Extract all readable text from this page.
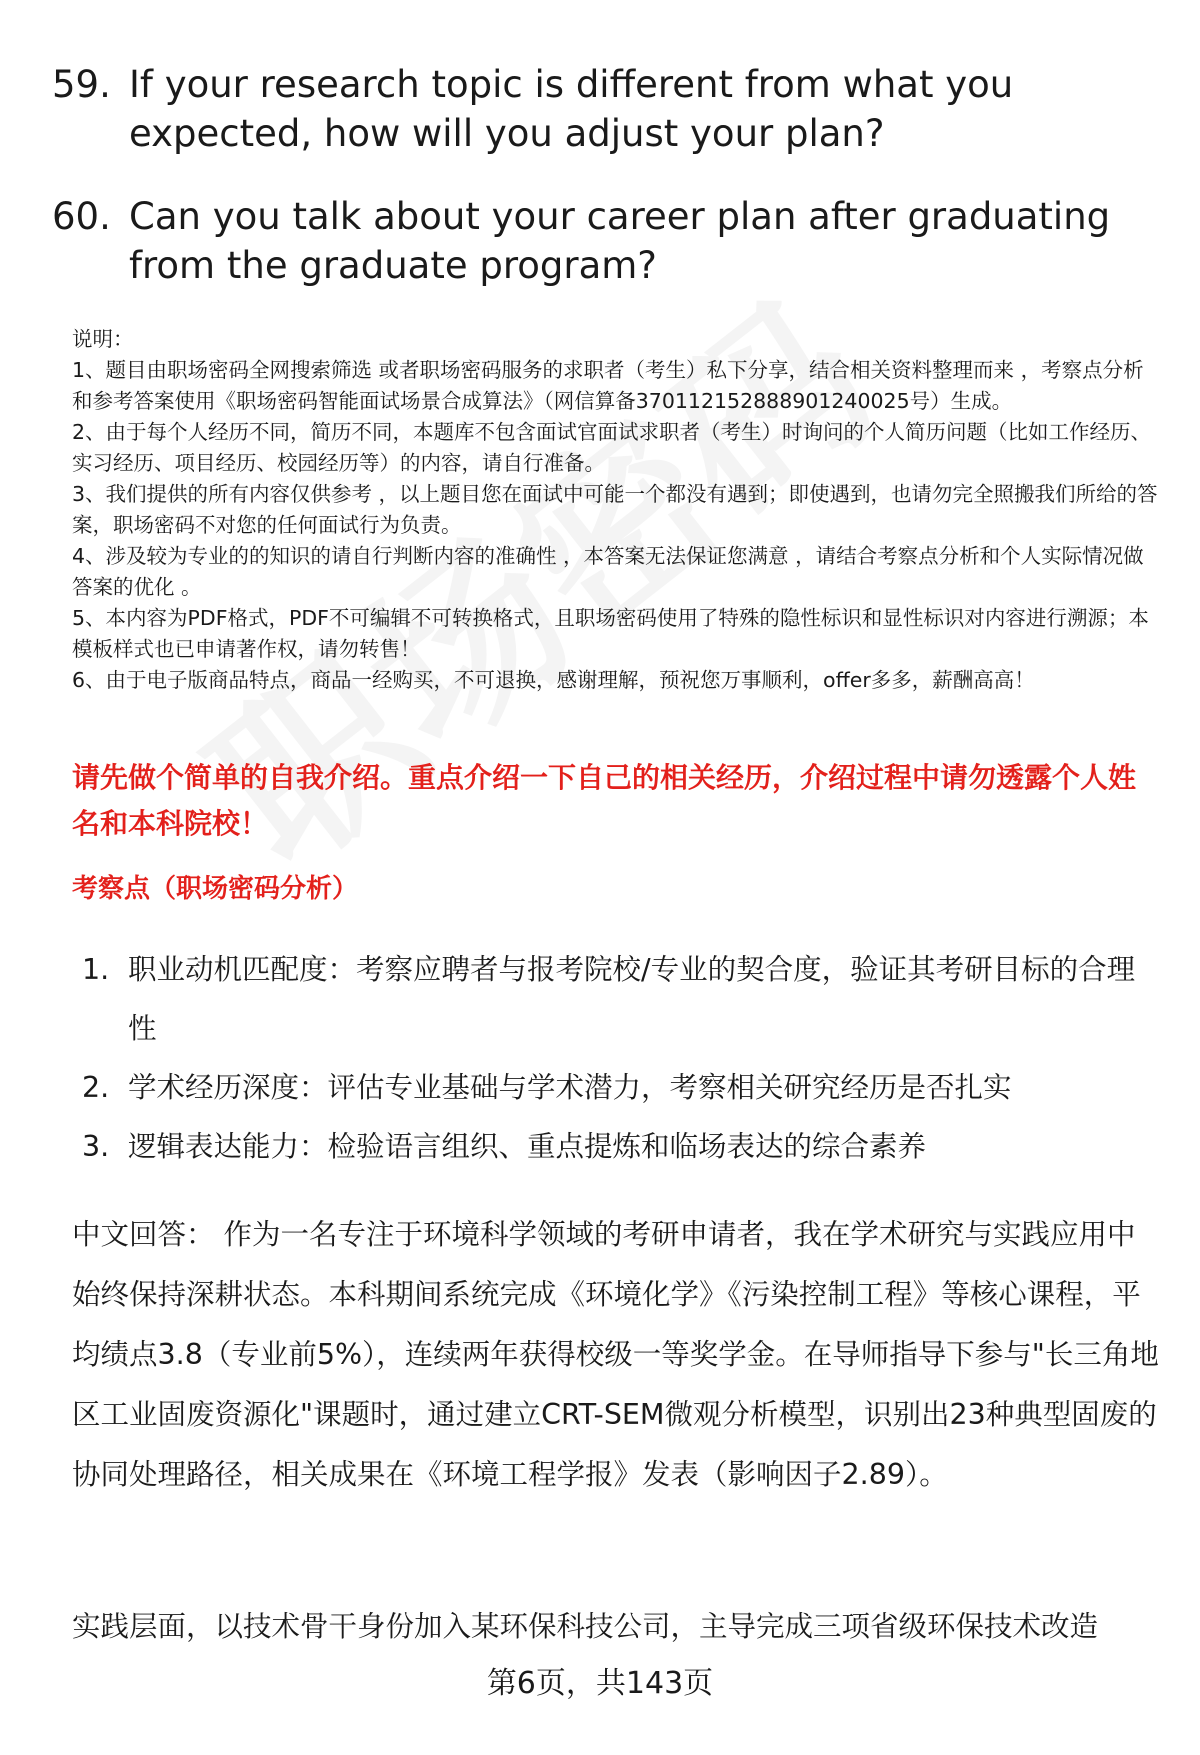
59. If your research topic is different from what you expected, how will you adjust your plan?
60. Can you talk about your career plan after graduating from the graduate program?

说明：

1、题目由职场密码全网搜索筛选 或者职场密码服务的求职者（考生）私下分享，结合相关资料整理而来 ，考察点分析和参考答案使用《职场密码智能面试场景合成算法》（网信算备37011215288890124​0025号）生成。

2、由于每个人经历不同，简历不同，本题库不包含面试官面试求职者（考生）时询问的个人简历问题（比如工作经历、实习经历、项目经历、校园经历等）的内容，请自行准备。

3、我们提供的所有内容仅供参考 ，以上题目您在面试中可能一个都没有遇到；即使遇到，也请勿完全照搬我们所给的答案，职场密码不对您的任何面试行为负责。

4、涉及较为专业的的知识的请自行判断内容的准确性 ，本答案无法保证您满意 ，请结合考察点分析和个人实际情况做答案的优化 。

5、本内容为PDF格式，PDF不可编辑不可转换格式，且职场密码使用了特殊的隐性标识和显性标识对内容进行溯源；本模板样式也已申请著作权，请勿转售！

6、由于电子版商品特点，商品一经购买，不可退换，感谢理解，预祝您万事顺利，offer多多，薪酬高高！

请先做个简单的自我介绍。重点介绍一下自己的相关经历，介绍过程中请勿透露个人姓名和本科院校！
考察点（职场密码分析）
1. 职业动机匹配度：考察应聘者与报考院校/专业的契合度，验证其考研目标的合理性
2. 学术经历深度：评估专业基础与学术潜力，考察相关研究经历是否扎实
3. 逻辑表达能力：检验语言组织、重点提炼和临场表达的综合素养

中文回答： 作为一名专注于环境科学领域的考研申请者，我在学术研究与实践应用中始终保持深耕状态。本科期间系统完成《环境化学》《污染控制工程》等核心课程，平均绩点3.8（专业前5%），连续两年获得校级一等奖学金。在导师指导下参与"长三角地区工业固废资源化"课题时，通过建立CRT-SEM微观分析模型，识别出23种典型固废的协同处理路径，相关成果在《环境工程学报》发表（影响因子2.89）。

实践层面，以技术骨干身份加入某环保科技公司，主导完成三项省级环保技术改造

第6页，共143页
